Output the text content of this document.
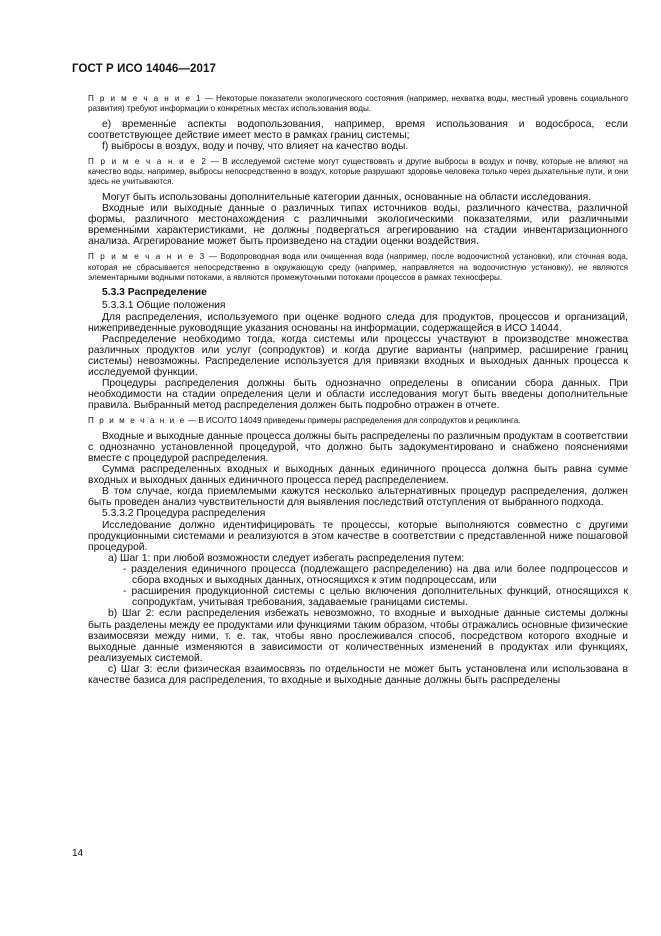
ГОСТ Р ИСО 14046—2017

П р и м е ч а н и е 1 — Некоторые показатели экологического состояния (например, нехватка воды, местный уровень социального развития) требуют информации о конкретных местах использования воды.

e) временны́е аспекты водопользования, например, время использования и водосброса, если соответствующее действие имеет место в рамках границ системы;

f) выбросы в воздух, воду и почву, что влияет на качество воды.

П р и м е ч а н и е 2 — В исследуемой системе могут существовать и другие выбросы в воздух и почву, которые не влияют на качество воды, например, выбросы непосредственно в воздух, которые разрушают здоровье человека только через дыхательные пути, и они здесь не учитываются.

Могут быть использованы дополнительные категории данных, основанные на области исследования.

Входные или выходные данные о различных типах источников воды, различного качества, различной формы, различного местонахождения с различными экологическими показателями, или различными временны́ми характеристиками, не должны подвергаться агрегированию на стадии инвентаризационного анализа. Агрегирование может быть произведено на стадии оценки воздействия.

П р и м е ч а н и е 3 — Водопроводная вода или очищенная вода (например, после водоочистной установки), или сточная вода, которая не сбрасывается непосредственно в окружающую среду (например, направляется на водоочистную установку), не являются элементарными водными потоками, а являются промежуточными потоками процессов в рамках техносферы.

5.3.3 Распределение

5.3.3.1 Общие положения

Для распределения, используемого при оценке водного следа для продуктов, процессов и организаций, нижеприведенные руководящие указания основаны на информации, содержащейся в ИСО 14044.

Распределение необходимо тогда, когда системы или процессы участвуют в производстве множества различных продуктов или услуг (сопродуктов) и когда другие варианты (например, расширение границ системы) невозможны. Распределение используется для привязки входных и выходных данных процесса к исследуемой функции.

Процедуры распределения должны быть однозначно определены в описании сбора данных. При необходимости на стадии определения цели и области исследования могут быть введены дополнительные правила. Выбранный метод распределения должен быть подробно отражен в отчете.

П р и м е ч а н и е — В ИСО/ТО 14049 приведены примеры распределения для сопродуктов и рециклинга.

Входные и выходные данные процесса должны быть распределены по различным продуктам в соответствии с однозначно установленной процедурой, что должно быть задокументировано и снабжено пояснениями вместе с процедурой распределения.

Сумма распределенных входных и выходных данных единичного процесса должна быть равна сумме входных и выходных данных единичного процесса перед распределением.

В том случае, когда приемлемыми кажутся несколько альтернативных процедур распределения, должен быть проведен анализ чувствительности для выявления последствий отступления от выбранного подхода.

5.3.3.2 Процедура распределения

Исследование должно идентифицировать те процессы, которые выполняются совместно с другими продукционными системами и реализуются в этом качестве в соответствии с представленной ниже пошаговой процедурой.

а) Шаг 1: при любой возможности следует избегать распределения путем:

- разделения единичного процесса (подлежащего распределению) на два или более подпроцессов и сбора входных и выходных данных, относящихся к этим подпроцессам, или

- расширения продукционной системы с целью включения дополнительных функций, относящихся к сопродуктам, учитывая требования, задаваемые границами системы.

b) Шаг 2: если распределения избежать невозможно, то входные и выходные данные системы должны быть разделены между ее продуктами или функциями таким образом, чтобы отражались основные физические взаимосвязи между ними, т. е. так, чтобы явно прослеживался способ, посредством которого входные и выходные данные изменяются в зависимости от количественных изменений в продуктах или функциях, реализуемых системой.

c) Шаг 3: если физическая взаимосвязь по отдельности не может быть установлена или использована в качестве базиса для распределения, то входные и выходные данные должны быть распределены

14
